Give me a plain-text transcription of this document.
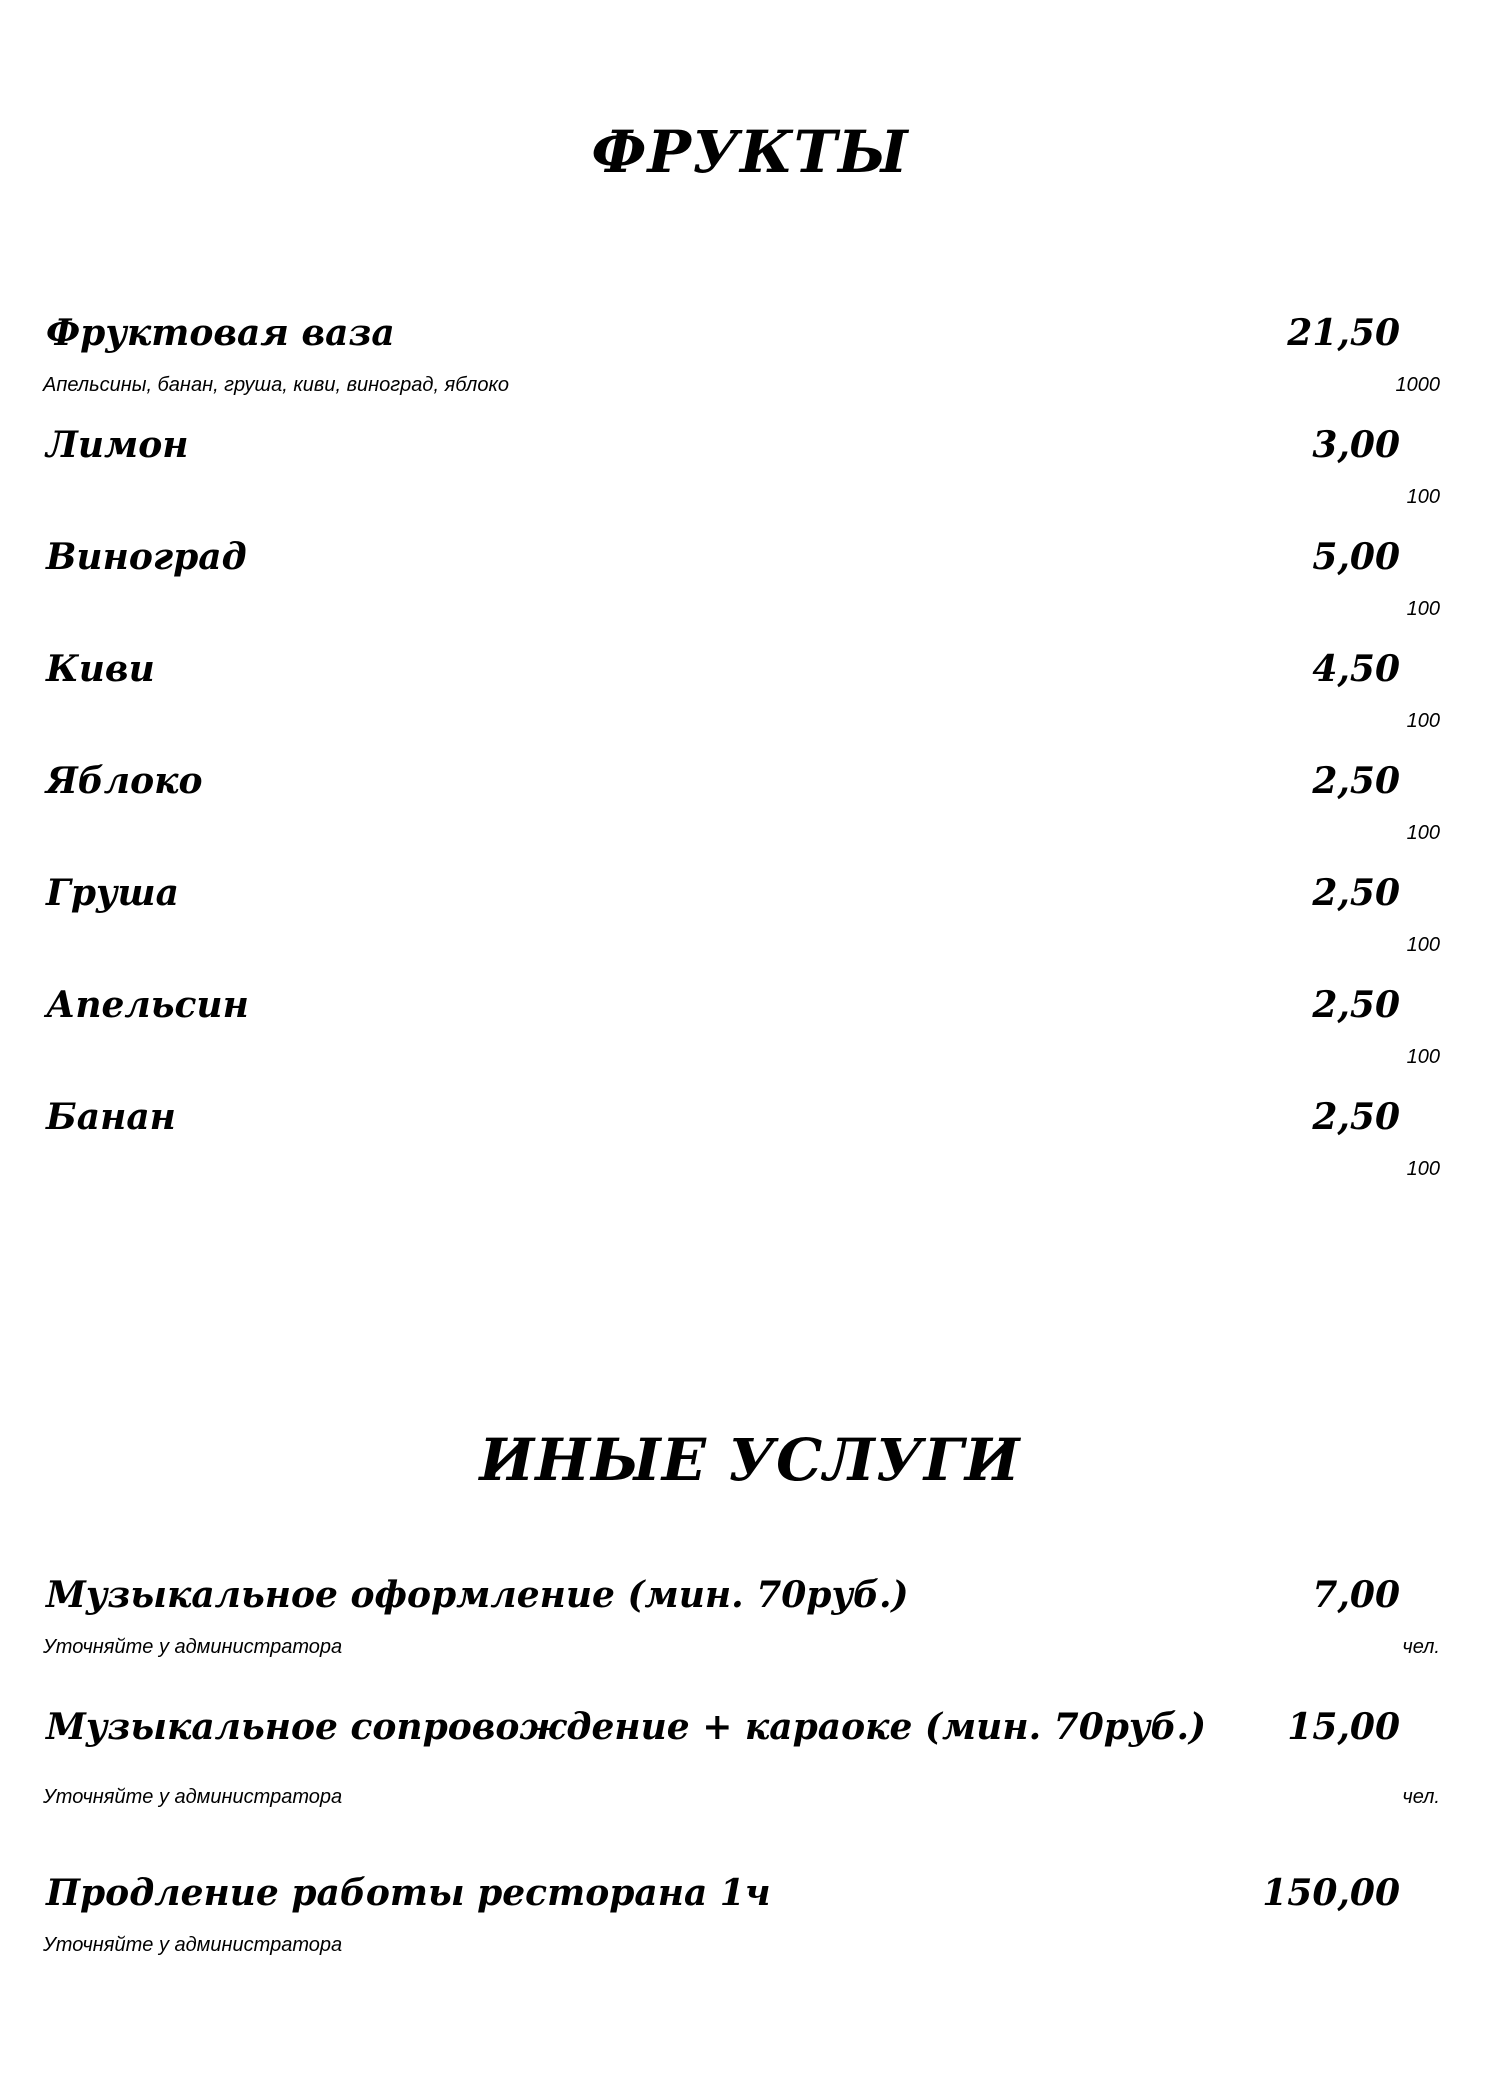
ФРУКТЫ
Фруктовая ваза	21,50
Апельсины, банан, груша, киви, виноград, яблоко	1000
Лимон	3,00
100
Виноград	5,00
100
Киви	4,50
100
Яблоко	2,50
100
Груша	2,50
100
Апельсин	2,50
100
Банан	2,50
100
ИНЫЕ УСЛУГИ
Музыкальное оформление (мин. 70руб.)	7,00
Уточняйте у администратора	чел.
Музыкальное сопровождение + караоке (мин. 70руб.) 15,00
Уточняйте у администратора	чел.
Продление работы ресторана 1ч	150,00
Уточняйте у администратора
